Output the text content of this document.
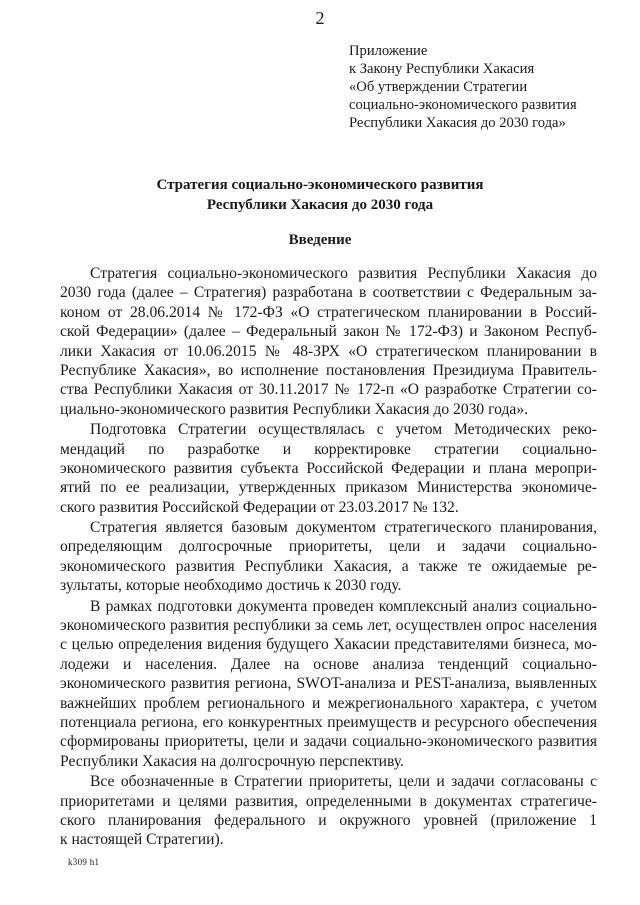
2
Приложение
к Закону Республики Хакасия
«Об утверждении Стратегии
социально-экономического развития
Республики Хакасия до 2030 года»
Стратегия социально-экономического развития
Республики Хакасия до 2030 года
Введение
Стратегия социально-экономического развития Республики Хакасия до
2030 года (далее – Стратегия) разработана в соответствии с Федеральным за-
коном от 28.06.2014 № 172-ФЗ «О стратегическом планировании в Россий-
ской Федерации» (далее – Федеральный закон № 172-ФЗ) и Законом Респуб-
лики Хакасия от 10.06.2015 № 48-ЗРХ «О стратегическом планировании в
Республике Хакасия», во исполнение постановления Президиума Правитель-
ства Республики Хакасия от 30.11.2017 № 172-п «О разработке Стратегии со-
циально-экономического развития Республики Хакасия до 2030 года».
Подготовка Стратегии осуществлялась с учетом Методических реко-
мендаций по разработке и корректировке стратегии социально-
экономического развития субъекта Российской Федерации и плана меропри-
ятий по ее реализации, утвержденных приказом Министерства экономиче-
ского развития Российской Федерации от 23.03.2017 № 132.
Стратегия является базовым документом стратегического планирования,
определяющим долгосрочные приоритеты, цели и задачи социально-
экономического развития Республики Хакасия, а также те ожидаемые ре-
зультаты, которые необходимо достичь к 2030 году.
В рамках подготовки документа проведен комплексный анализ социально-
экономического развития республики за семь лет, осуществлен опрос населения
с целью определения видения будущего Хакасии представителями бизнеса, мо-
лодежи и населения. Далее на основе анализа тенденций социально-
экономического развития региона, SWOT-анализа и PEST-анализа, выявленных
важнейших проблем регионального и межрегионального характера, с учетом
потенциала региона, его конкурентных преимуществ и ресурсного обеспечения
сформированы приоритеты, цели и задачи социально-экономического развития
Республики Хакасия на долгосрочную перспективу.
Все обозначенные в Стратегии приоритеты, цели и задачи согласованы с
приоритетами и целями развития, определенными в документах стратегиче-
ского планирования федерального и окружного уровней (приложение 1
к настоящей Стратегии).
k309 h1
